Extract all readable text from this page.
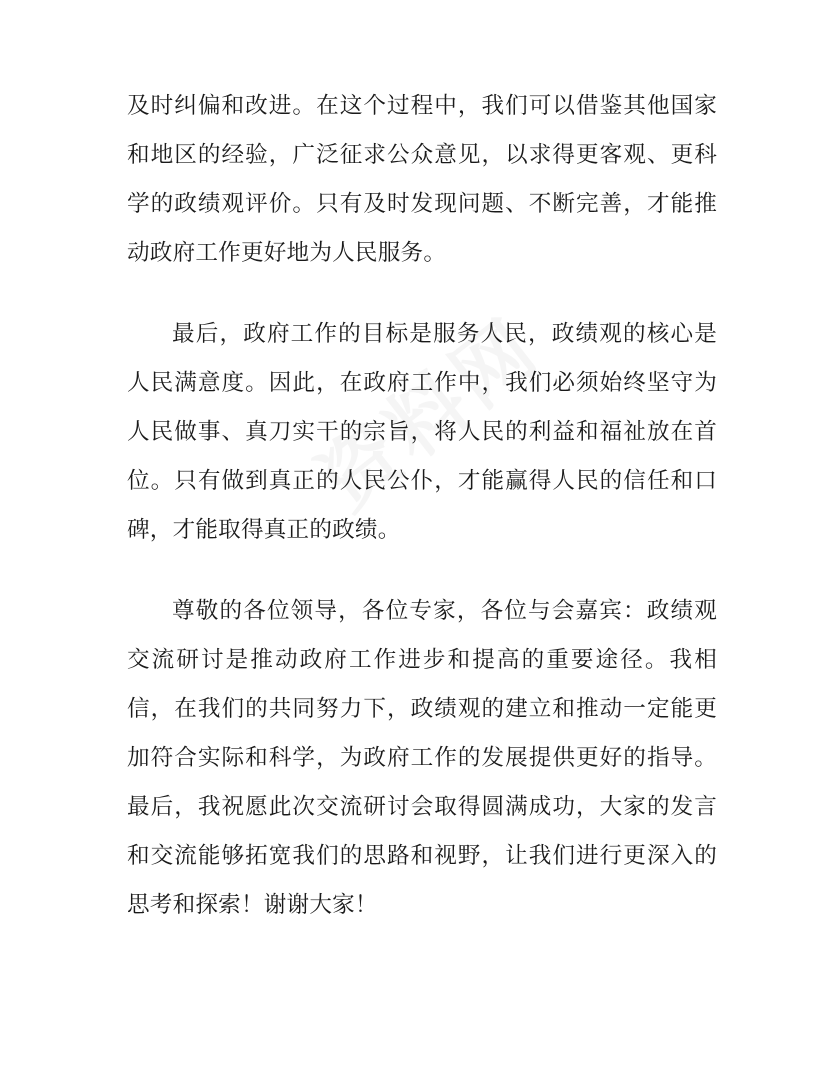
及时纠偏和改进。在这个过程中，我们可以借鉴其他国家和地区的经验，广泛征求公众意见，以求得更客观、更科学的政绩观评价。只有及时发现问题、不断完善，才能推动政府工作更好地为人民服务。

最后，政府工作的目标是服务人民，政绩观的核心是人民满意度。因此，在政府工作中，我们必须始终坚守为人民做事、真刀实干的宗旨，将人民的利益和福祉放在首位。只有做到真正的人民公仆，才能赢得人民的信任和口碑，才能取得真正的政绩。

尊敬的各位领导，各位专家，各位与会嘉宾：政绩观交流研讨是推动政府工作进步和提高的重要途径。我相信，在我们的共同努力下，政绩观的建立和推动一定能更加符合实际和科学，为政府工作的发展提供更好的指导。最后，我祝愿此次交流研讨会取得圆满成功，大家的发言和交流能够拓宽我们的思路和视野，让我们进行更深入的思考和探索！谢谢大家！
